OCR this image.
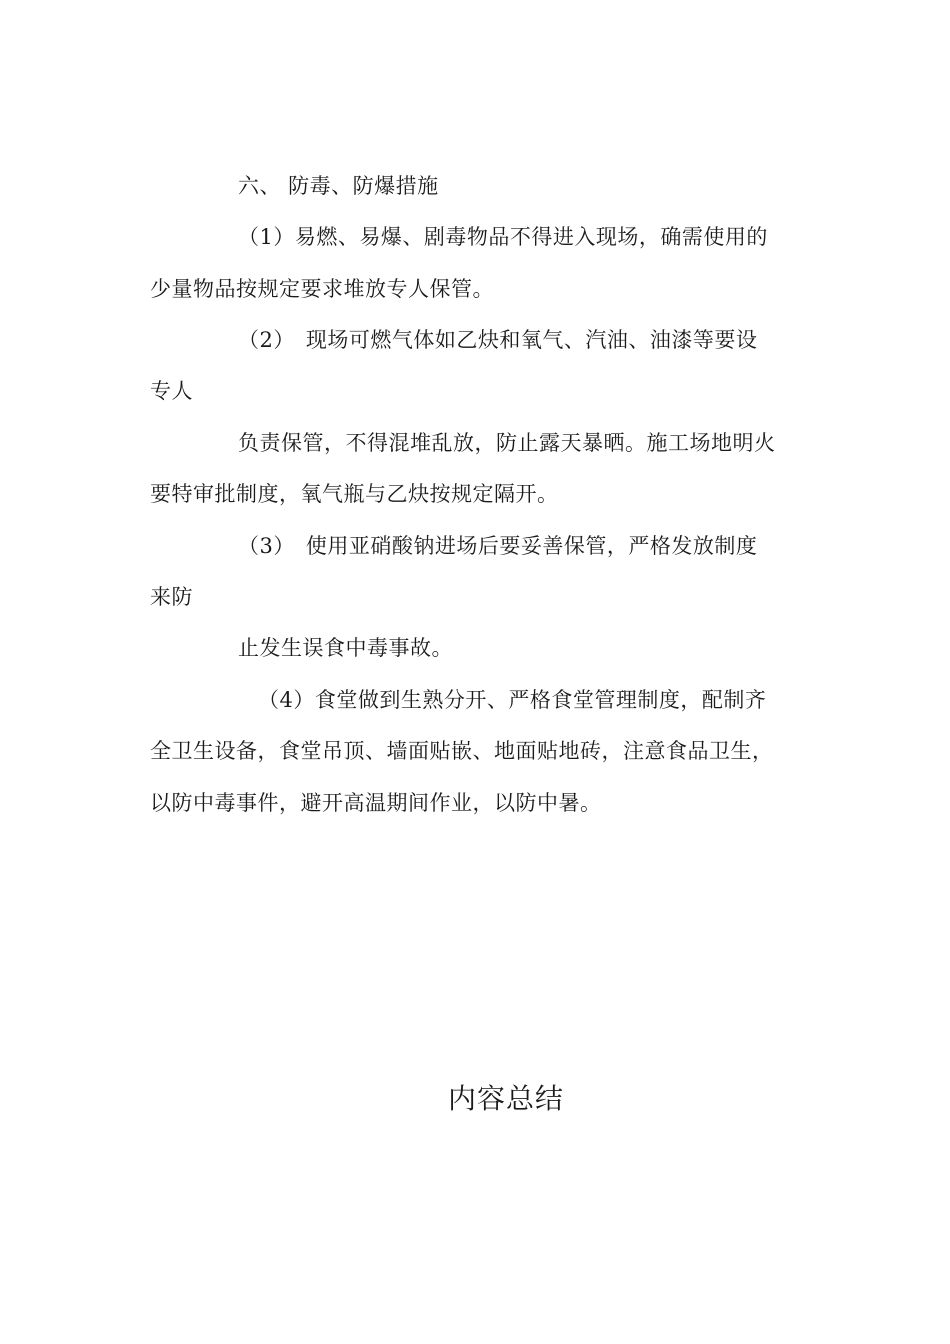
六、 防毒、防爆措施
（1）易燃、易爆、剧毒物品不得进入现场，确需使用的
少量物品按规定要求堆放专人保管。
（2）　现场可燃气体如乙炔和氧气、汽油、油漆等要设
专人
负责保管，不得混堆乱放，防止露天暴晒。施工场地明火
要特审批制度，氧气瓶与乙炔按规定隔开。
（3）　使用亚硝酸钠进场后要妥善保管，严格发放制度
来防
止发生误食中毒事故。
（4）食堂做到生熟分开、严格食堂管理制度，配制齐
全卫生设备，食堂吊顶、墙面贴嵌、地面贴地砖，注意食品卫生，
以防中毒事件，避开高温期间作业，以防中暑。
内容总结
